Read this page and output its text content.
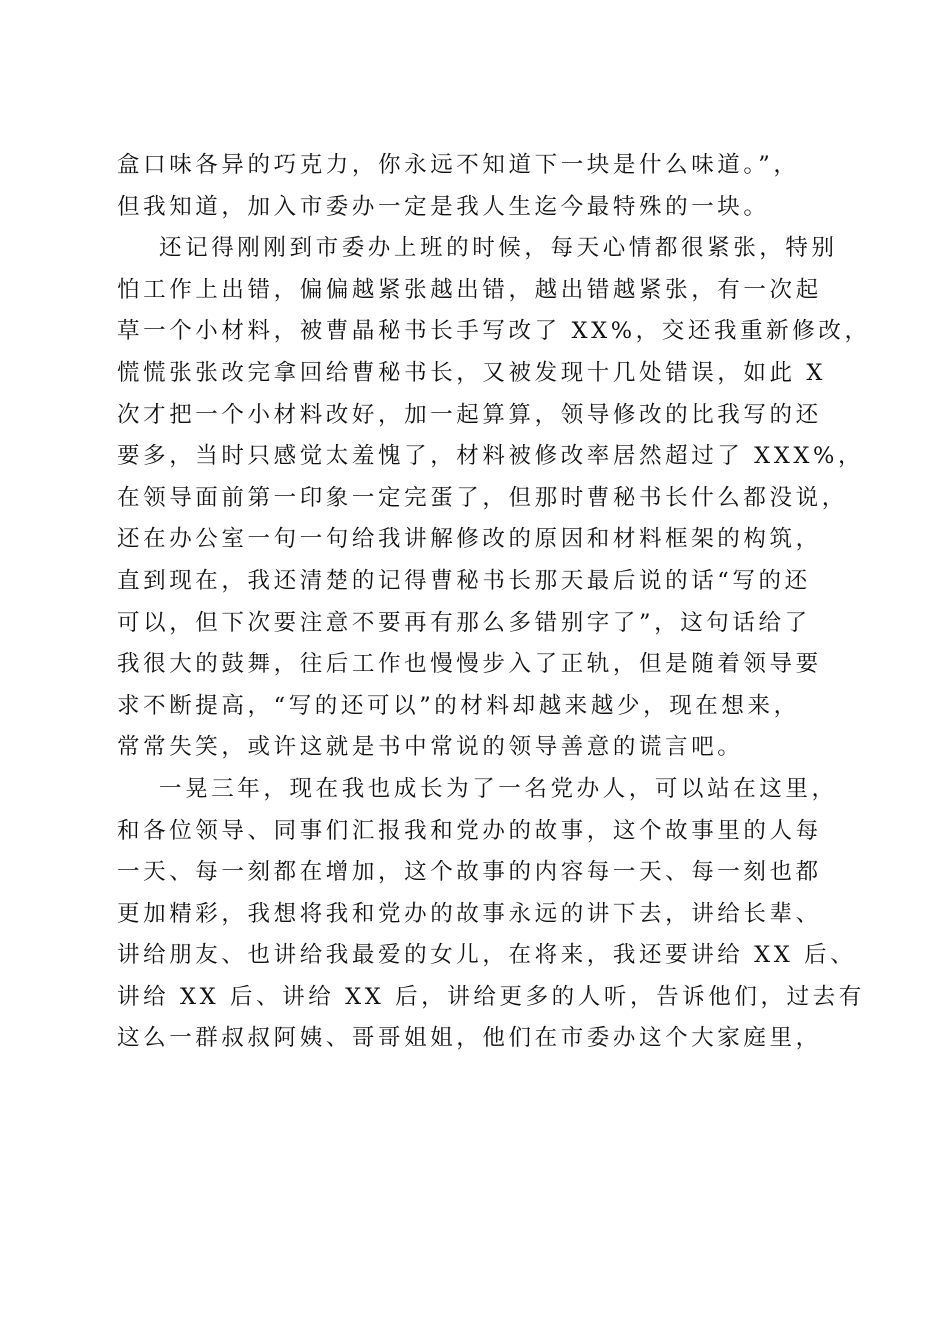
盒口味各异的巧克力，你永远不知道下一块是什么味道。”，
但我知道，加入市委办一定是我人生迄今最特殊的一块。
还记得刚刚到市委办上班的时候，每天心情都很紧张，特别
怕工作上出错，偏偏越紧张越出错，越出错越紧张，有一次起
草一个小材料，被曹晶秘书长手写改了 XX%，交还我重新修改，
慌慌张张改完拿回给曹秘书长，又被发现十几处错误，如此 X
次才把一个小材料改好，加一起算算，领导修改的比我写的还
要多，当时只感觉太羞愧了，材料被修改率居然超过了 XXX%，
在领导面前第一印象一定完蛋了，但那时曹秘书长什么都没说，
还在办公室一句一句给我讲解修改的原因和材料框架的构筑，
直到现在，我还清楚的记得曹秘书长那天最后说的话“写的还
可以，但下次要注意不要再有那么多错别字了”，这句话给了
我很大的鼓舞，往后工作也慢慢步入了正轨，但是随着领导要
求不断提高，“写的还可以”的材料却越来越少，现在想来，
常常失笑，或许这就是书中常说的领导善意的谎言吧。
一晃三年，现在我也成长为了一名党办人，可以站在这里，
和各位领导、同事们汇报我和党办的故事，这个故事里的人每
一天、每一刻都在增加，这个故事的内容每一天、每一刻也都
更加精彩，我想将我和党办的故事永远的讲下去，讲给长辈、
讲给朋友、也讲给我最爱的女儿，在将来，我还要讲给 XX 后、
讲给 XX 后、讲给 XX 后，讲给更多的人听，告诉他们，过去有
这么一群叔叔阿姨、哥哥姐姐，他们在市委办这个大家庭里，
